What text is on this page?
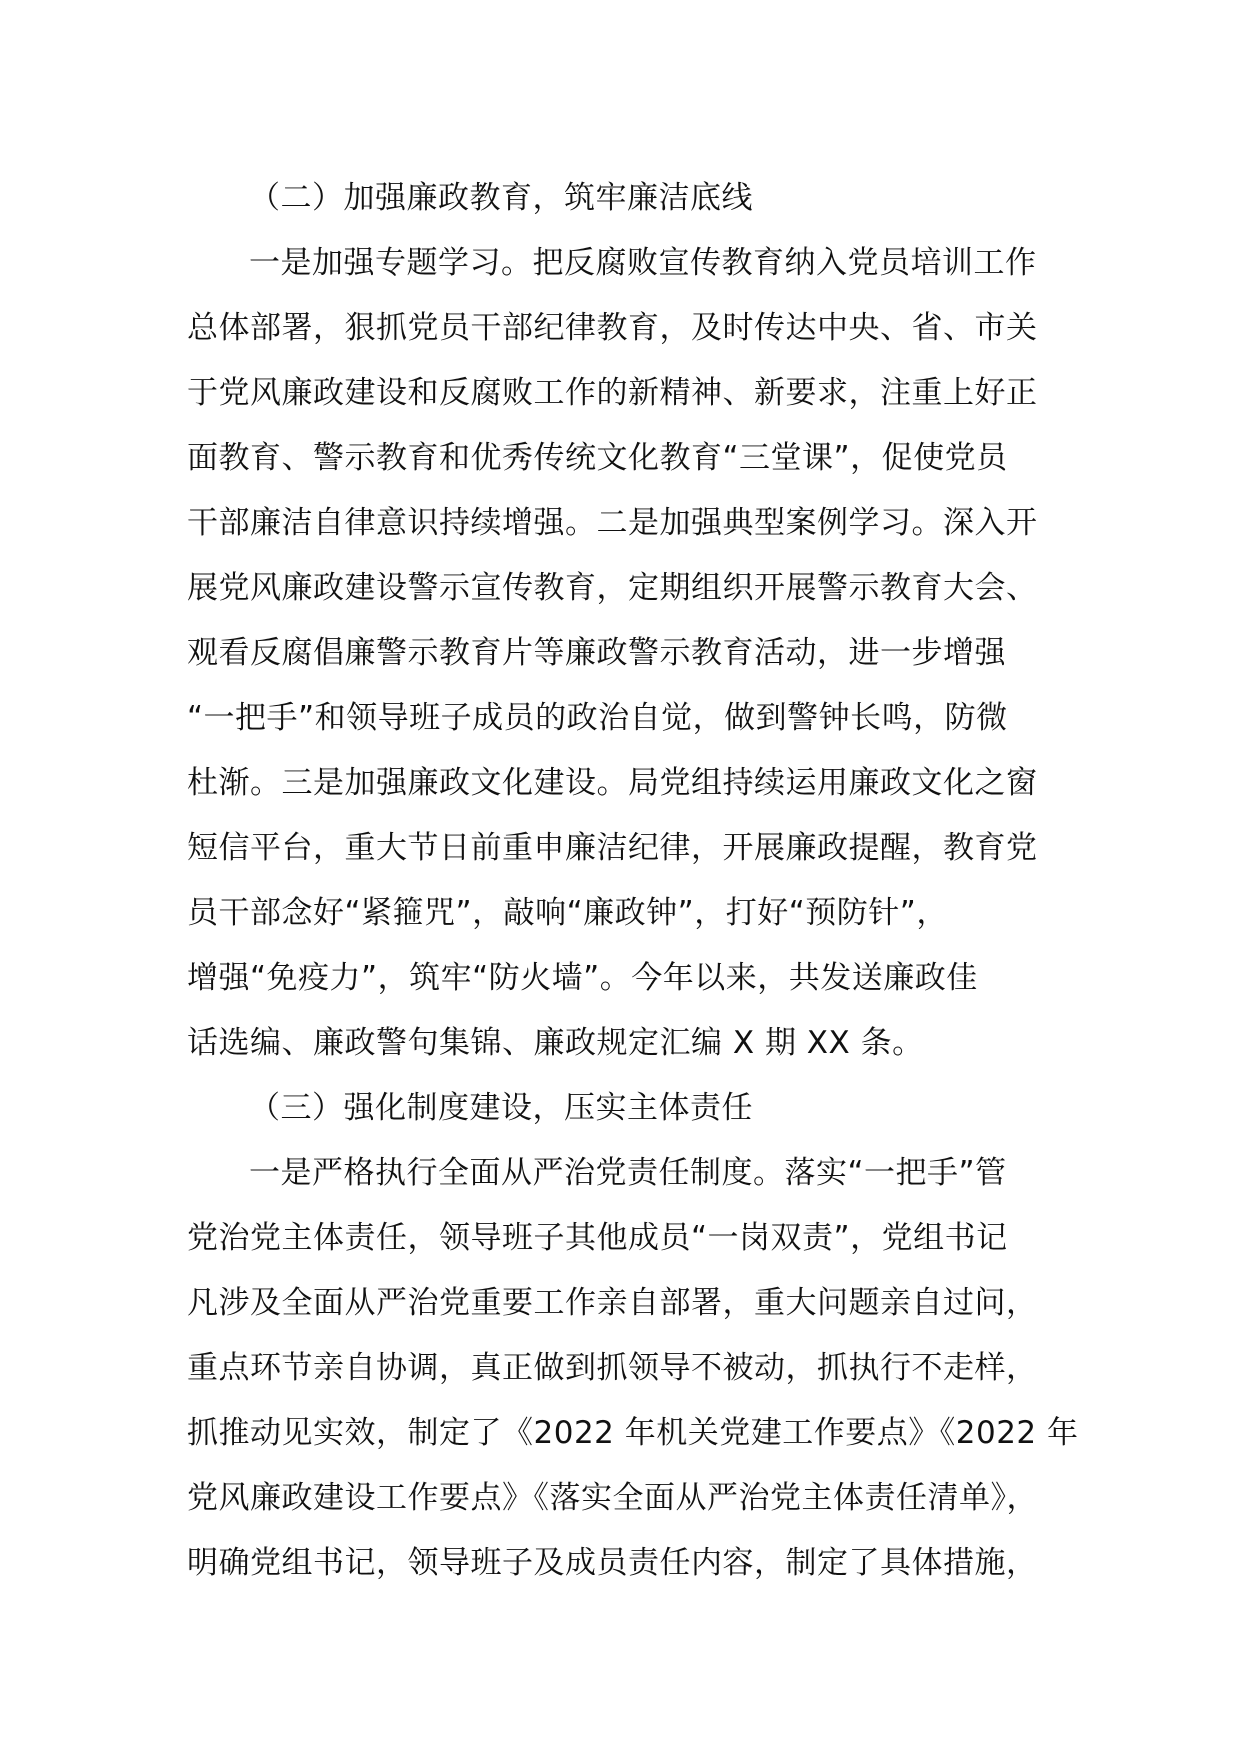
（二）加强廉政教育，筑牢廉洁底线
一是加强专题学习。把反腐败宣传教育纳入党员培训工作
总体部署，狠抓党员干部纪律教育，及时传达中央、省、市关
于党风廉政建设和反腐败工作的新精神、新要求，注重上好正
面教育、警示教育和优秀传统文化教育“三堂课”，促使党员
干部廉洁自律意识持续增强。二是加强典型案例学习。深入开
展党风廉政建设警示宣传教育，定期组织开展警示教育大会、
观看反腐倡廉警示教育片等廉政警示教育活动，进一步增强
“一把手”和领导班子成员的政治自觉，做到警钟长鸣，防微
杜渐。三是加强廉政文化建设。局党组持续运用廉政文化之窗
短信平台，重大节日前重申廉洁纪律，开展廉政提醒，教育党
员干部念好“紧箍咒”，敲响“廉政钟”，打好“预防针”，
增强“免疫力”，筑牢“防火墙”。今年以来，共发送廉政佳
话选编、廉政警句集锦、廉政规定汇编 X 期 XX 条。
（三）强化制度建设，压实主体责任
一是严格执行全面从严治党责任制度。落实“一把手”管
党治党主体责任，领导班子其他成员“一岗双责”，党组书记
凡涉及全面从严治党重要工作亲自部署，重大问题亲自过问，
重点环节亲自协调，真正做到抓领导不被动，抓执行不走样，
抓推动见实效，制定了《2022 年机关党建工作要点》《2022 年
党风廉政建设工作要点》《落实全面从严治党主体责任清单》，
明确党组书记，领导班子及成员责任内容，制定了具体措施，
